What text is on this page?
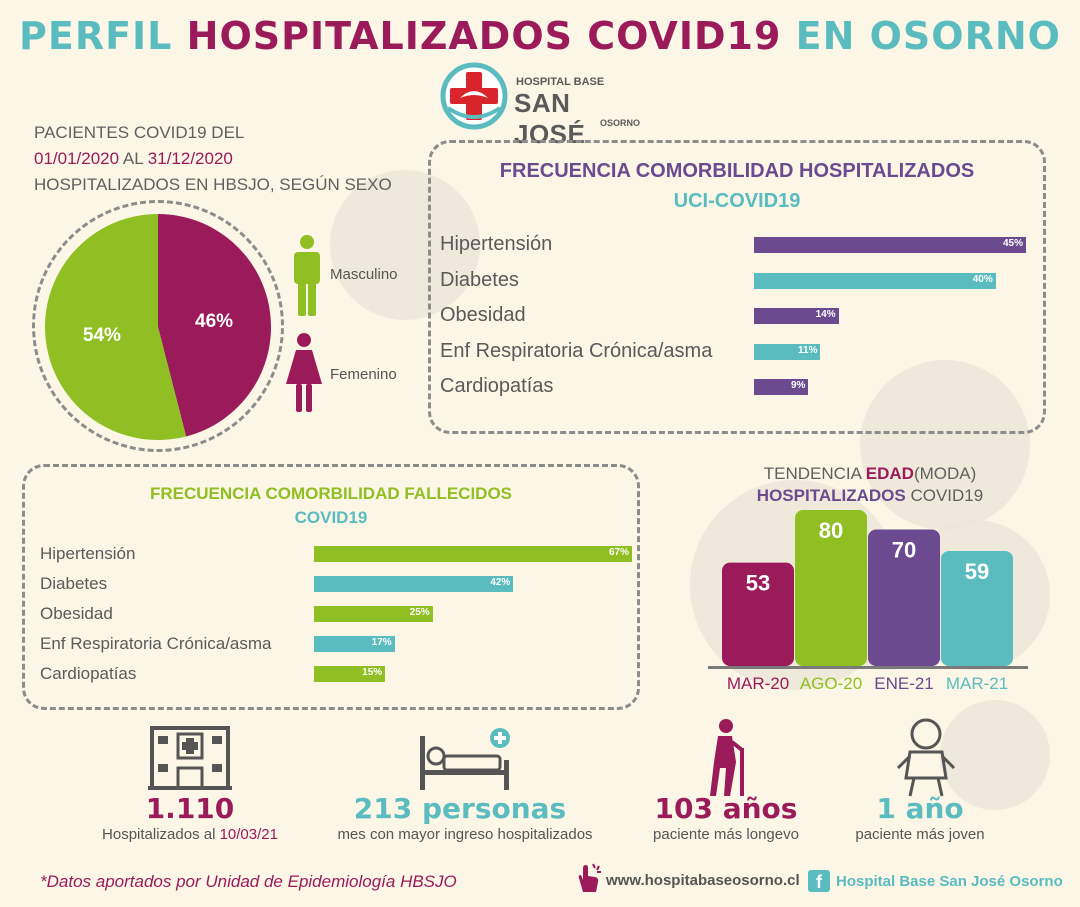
PERFIL HOSPITALIZADOS COVID19 EN OSORNO
HOSPITAL BASE
SAN JOSÉ	OSORNO
PACIENTES COVID19 DEL
01/01/2020 AL 31/12/2020
HOSPITALIZADOS EN HBSJO, SEGÚN SEXO
46%
54%
Masculino
Femenino
FRECUENCIA COMORBILIDAD HOSPITALIZADOS
UCI-COVID19
Hipertensión	45%
Diabetes	40%
Obesidad	14%
Enf Respiratoria Crónica/asma	11%
Cardiopatías	9%
FRECUENCIA COMORBILIDAD FALLECIDOS
COVID19
Hipertensión	67%
Diabetes	42%
Obesidad	25%
Enf Respiratoria Crónica/asma	17%
Cardiopatías	15%
TENDENCIA EDAD(MODA)
HOSPITALIZADOS COVID19
53
80
70
59
MAR-20 AGO-20 ENE-21 MAR-21
1.110
Hospitalizados al 10/03/21
213 personas
mes con mayor ingreso hospitalizados
103 años
paciente más longevo
1 año
paciente más joven
*Datos aportados por Unidad de Epidemiología HBSJO	www.hospitabaseosorno.cl f Hospital Base San José Osorno
